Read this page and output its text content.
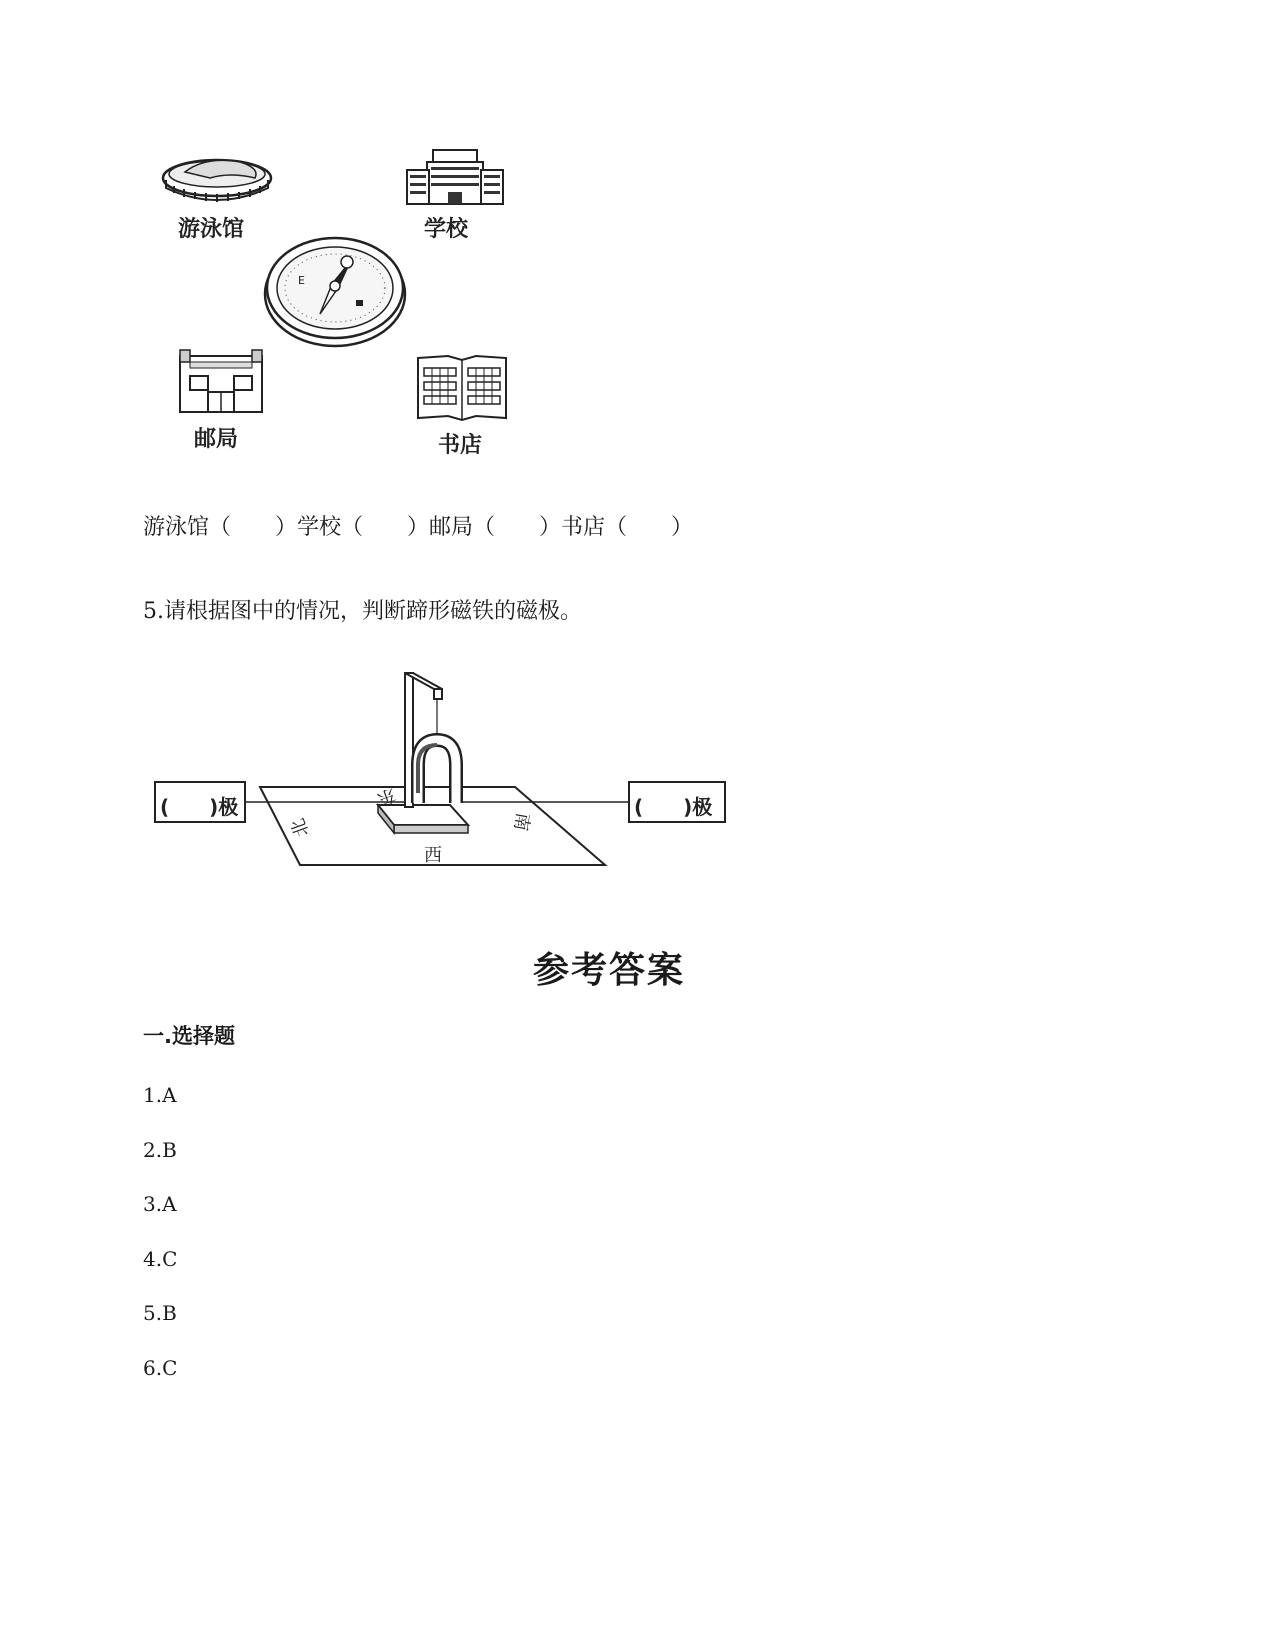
游泳馆	学校
E
邮局	书店
游泳馆（　　）学校（　　）邮局（　　）书店（　　）
5.请根据图中的情况，判断蹄形磁铁的磁极。
(　　)极	(　　)极
东
北
西
南
参考答案
一.选择题
1.A
2.B
3.A
4.C
5.B
6.C
